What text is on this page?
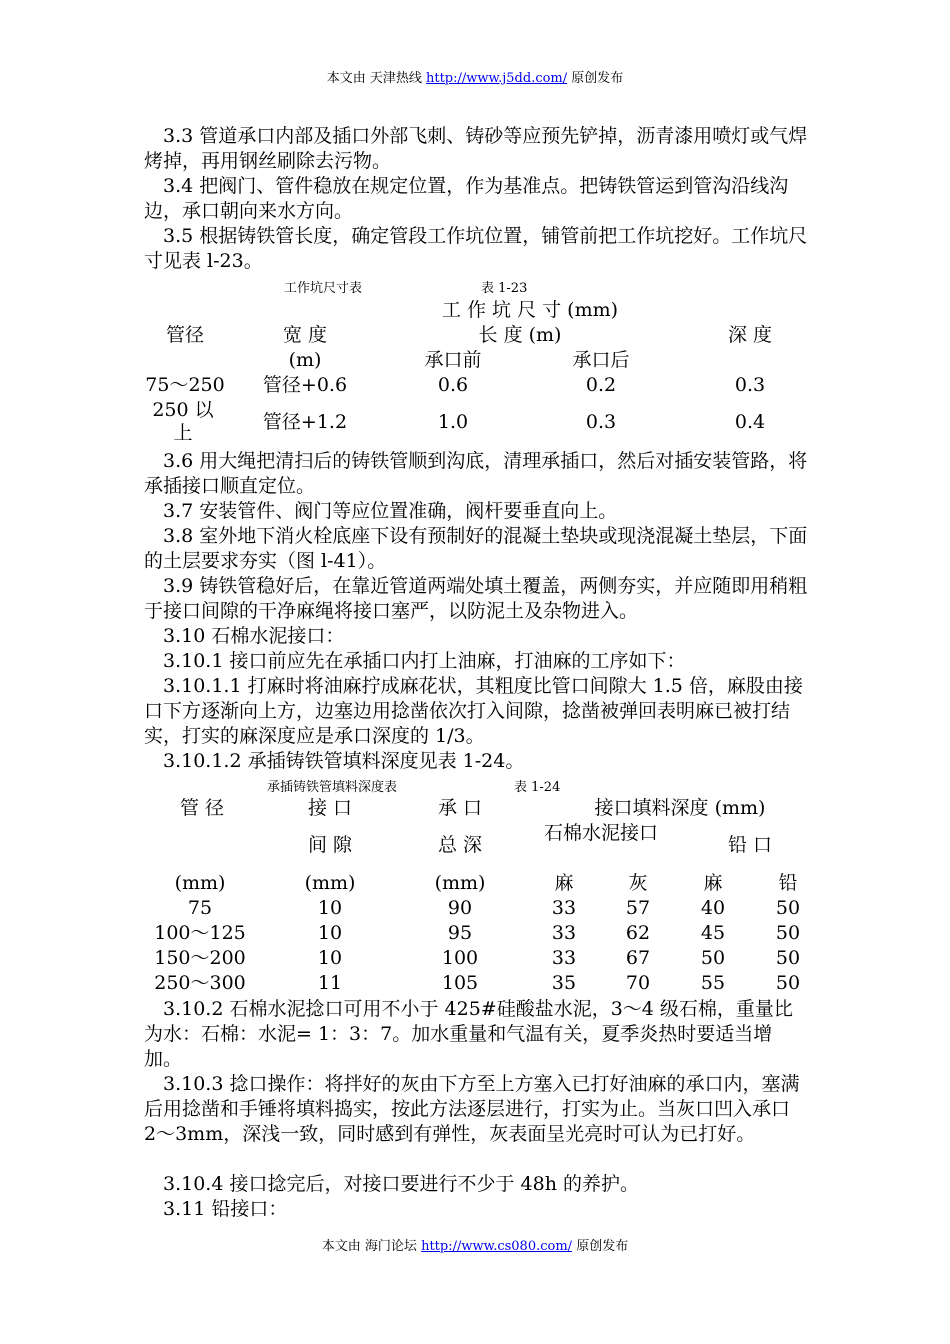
本文由 天津热线 http://www.j5dd.com/ 原创发布
　3.3 管道承口内部及插口外部飞刺、铸砂等应预先铲掉，沥青漆用喷灯或气焊烤掉，再用钢丝刷除去污物。
　3.4 把阀门、管件稳放在规定位置，作为基准点。把铸铁管运到管沟沿线沟边，承口朝向来水方向。
　3.5 根据铸铁管长度，确定管段工作坑位置，铺管前把工作坑挖好。工作坑尺寸见表 l-23。
工作坑尺寸表	表 1-23
工 作 坑 尺 寸 (mm)
管径	宽 度
(m)
长 度 (m)	深 度
承口前	承口后
75～250	管径+0.6	0.6	0.2	0.3
250 以上	管径+1.2	1.0	0.3	0.4
　3.6 用大绳把清扫后的铸铁管顺到沟底，清理承插口，然后对插安装管路，将承插接口顺直定位。
　3.7 安装管件、阀门等应位置准确，阀杆要垂直向上。
　3.8 室外地下消火栓底座下设有预制好的混凝土垫块或现浇混凝土垫层，下面的土层要求夯实（图 l-41）。
　3.9 铸铁管稳好后，在靠近管道两端处填土覆盖，两侧夯实，并应随即用稍粗于接口间隙的干净麻绳将接口塞严，以防泥土及杂物进入。
　3.10 石棉水泥接口：
　3.10.1 接口前应先在承插口内打上油麻，打油麻的工序如下：
　3.10.1.1 打麻时将油麻拧成麻花状，其粗度比管口间隙大 1.5 倍，麻股由接口下方逐渐向上方，边塞边用捻凿依次打入间隙，捻凿被弹回表明麻已被打结实，打实的麻深度应是承口深度的 1/3。
　3.10.1.2 承插铸铁管填料深度见表 1-24。
承插铸铁管填料深度表	表 1-24
管 径	接 口
间 隙
承 口
总 深
接口填料深度 (mm)
石棉水泥接口
铅 口
(mm)	(mm)	(mm)	麻	灰	麻	铅
75	10	90	33	57	40	50
100～125	10	95	33	62	45	50
150～200	10	100	33	67	50	50
250～300	11	105	35	70	55	50
　3.10.2 石棉水泥捻口可用不小于 425#硅酸盐水泥，3～4 级石棉，重量比为水：石棉：水泥= 1：3：7。加水重量和气温有关，夏季炎热时要适当增加。
　3.10.3 捻口操作：将拌好的灰由下方至上方塞入已打好油麻的承口内，塞满后用捻凿和手锤将填料捣实，按此方法逐层进行，打实为止。当灰口凹入承口 2～3mm，深浅一致，同时感到有弹性，灰表面呈光亮时可认为已打好。
　3.10.4 接口捻完后，对接口要进行不少于 48h 的养护。
　3.11 铅接口：
本文由 海门论坛 http://www.cs080.com/ 原创发布
